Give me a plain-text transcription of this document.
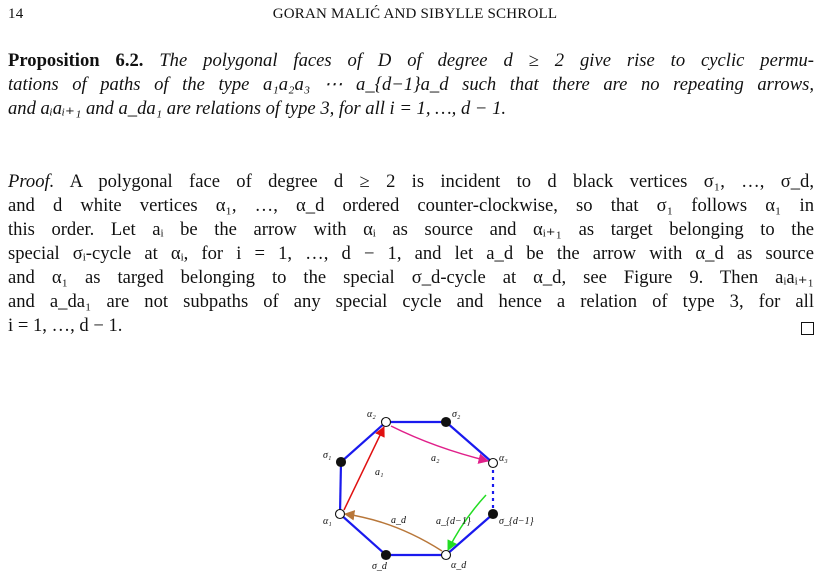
14	GORAN MALIĆ AND SIBYLLE SCHROLL
Proposition 6.2. The polygonal faces of D of degree d ≥ 2 give rise to cyclic permu-
tations of paths of the type a₁a₂a₃ ⋯ a_{d−1}a_d such that there are no repeating arrows,
and aᵢaᵢ₊₁ and a_da₁ are relations of type 3, for all i = 1, …, d − 1.
Proof. A polygonal face of degree d ≥ 2 is incident to d black vertices σ₁, …, σ_d,
and d white vertices α₁, …, α_d ordered counter-clockwise, so that σ₁ follows α₁ in
this order. Let aᵢ be the arrow with αᵢ as source and αᵢ₊₁ as target belonging to the
special σᵢ-cycle at αᵢ, for i = 1, …, d − 1, and let a_d be the arrow with α_d as source
and α₁ as targed belonging to the special σ_d-cycle at α_d, see Figure 9. Then aᵢaᵢ₊₁
and a_da₁ are not subpaths of any special cycle and hence a relation of type 3, for all
i = 1, …, d − 1.
α₂	σ₂
α₃
σ_{d−1}
α_d
σ_d
α₁
σ₁
a₁
a₂
a_{d−1}
a_d
